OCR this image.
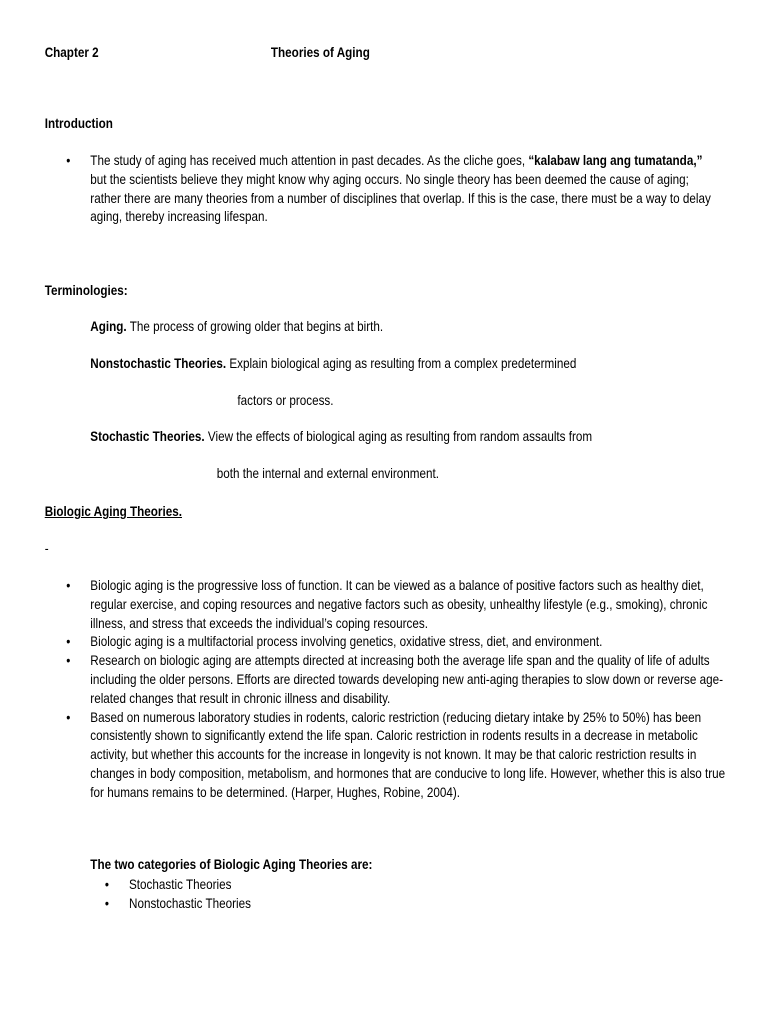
Chapter 2	Theories of Aging
Introduction
• The study of aging has received much attention in past decades. As the cliche goes, “kalabaw lang ang tumatanda,” but the scientists believe they might know why aging occurs. No single theory has been deemed the cause of aging; rather there are many theories from a number of disciplines that overlap. If this is the case, there must be a way to delay aging, thereby increasing lifespan.
Terminologies:
Aging. The process of growing older that begins at birth.
Nonstochastic Theories. Explain biological aging as resulting from a complex predetermined
factors or process.
Stochastic Theories. View the effects of biological aging as resulting from random assaults from
both the internal and external environment.
Biologic Aging Theories.
-
• Biologic aging is the progressive loss of function. It can be viewed as a balance of positive factors such as healthy diet, regular exercise, and coping resources and negative factors such as obesity, unhealthy lifestyle (e.g., smoking), chronic illness, and stress that exceeds the individual’s coping resources.
• Biologic aging is a multifactorial process involving genetics, oxidative stress, diet, and environment.
• Research on biologic aging are attempts directed at increasing both the average life span and the quality of life of adults including the older persons. Efforts are directed towards developing new anti-aging therapies to slow down or reverse age-related changes that result in chronic illness and disability.
• Based on numerous laboratory studies in rodents, caloric restriction (reducing dietary intake by 25% to 50%) has been consistently shown to significantly extend the life span. Caloric restriction in rodents results in a decrease in metabolic activity, but whether this accounts for the increase in longevity is not known. It may be that caloric restriction results in changes in body composition, metabolism, and hormones that are conducive to long life. However, whether this is also true for humans remains to be determined. (Harper, Hughes, Robine, 2004).
The two categories of Biologic Aging Theories are:
• Stochastic Theories
• Nonstochastic Theories
